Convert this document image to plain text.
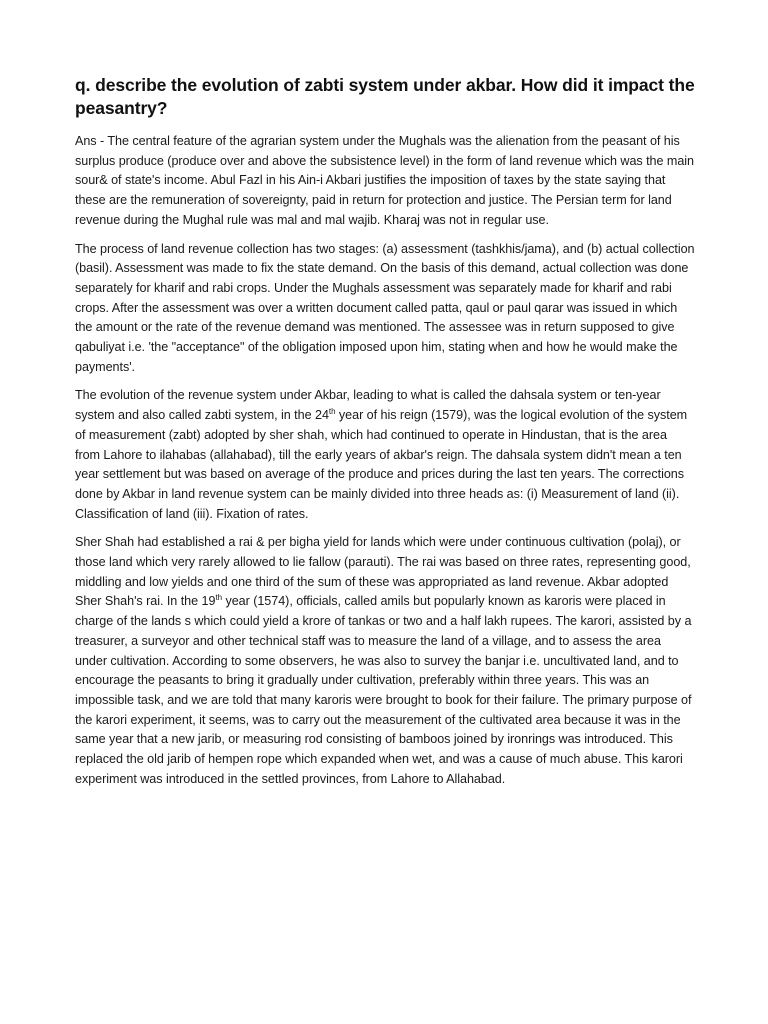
q. describe the evolution of zabti system under akbar. How did it impact the peasantry?

Ans - The central feature of the agrarian system under the Mughals was the alienation from the peasant of his surplus produce (produce over and above the subsistence level) in the form of land revenue which was the main sour& of state's income. Abul Fazl in his Ain-i Akbari justifies the imposition of taxes by the state saying that these are the remuneration of sovereignty, paid in return for protection and justice. The Persian term for land revenue during the Mughal rule was mal and mal wajib. Kharaj was not in regular use.

The process of land revenue collection has two stages: (a) assessment (tashkhis/jama), and (b) actual collection (basil). Assessment was made to fix the state demand. On the basis of this demand, actual collection was done separately for kharif and rabi crops. Under the Mughals assessment was separately made for kharif and rabi crops. After the assessment was over a written document called patta, qaul or paul qarar was issued in which the amount or the rate of the revenue demand was mentioned. The assessee was in return supposed to give qabuliyat i.e. 'the "acceptance" of the obligation imposed upon him, stating when and how he would make the payments'.

The evolution of the revenue system under Akbar, leading to what is called the dahsala system or ten-year system and also called zabti system, in the 24th year of his reign (1579), was the logical evolution of the system of measurement (zabt) adopted by sher shah, which had continued to operate in Hindustan, that is the area from Lahore to ilahabas (allahabad), till the early years of akbar's reign. The dahsala system didn't mean a ten year settlement but was based on average of the produce and prices during the last ten years. The corrections done by Akbar in land revenue system can be mainly divided into three heads as: (i) Measurement of land (ii). Classification of land (iii). Fixation of rates.

Sher Shah had established a rai & per bigha yield for lands which were under continuous cultivation (polaj), or those land which very rarely allowed to lie fallow (parauti). The rai was based on three rates, representing good, middling and low yields and one third of the sum of these was appropriated as land revenue. Akbar adopted Sher Shah's rai. In the 19th year (1574), officials, called amils but popularly known as karoris were placed in charge of the lands s which could yield a krore of tankas or two and a half lakh rupees. The karori, assisted by a treasurer, a surveyor and other technical staff was to measure the land of a village, and to assess the area under cultivation. According to some observers, he was also to survey the banjar i.e. uncultivated land, and to encourage the peasants to bring it gradually under cultivation, preferably within three years. This was an impossible task, and we are told that many karoris were brought to book for their failure. The primary purpose of the karori experiment, it seems, was to carry out the measurement of the cultivated area because it was in the same year that a new jarib, or measuring rod consisting of bamboos joined by ironrings was introduced. This replaced the old jarib of hempen rope which expanded when wet, and was a cause of much abuse. This karori experiment was introduced in the settled provinces, from Lahore to Allahabad.
